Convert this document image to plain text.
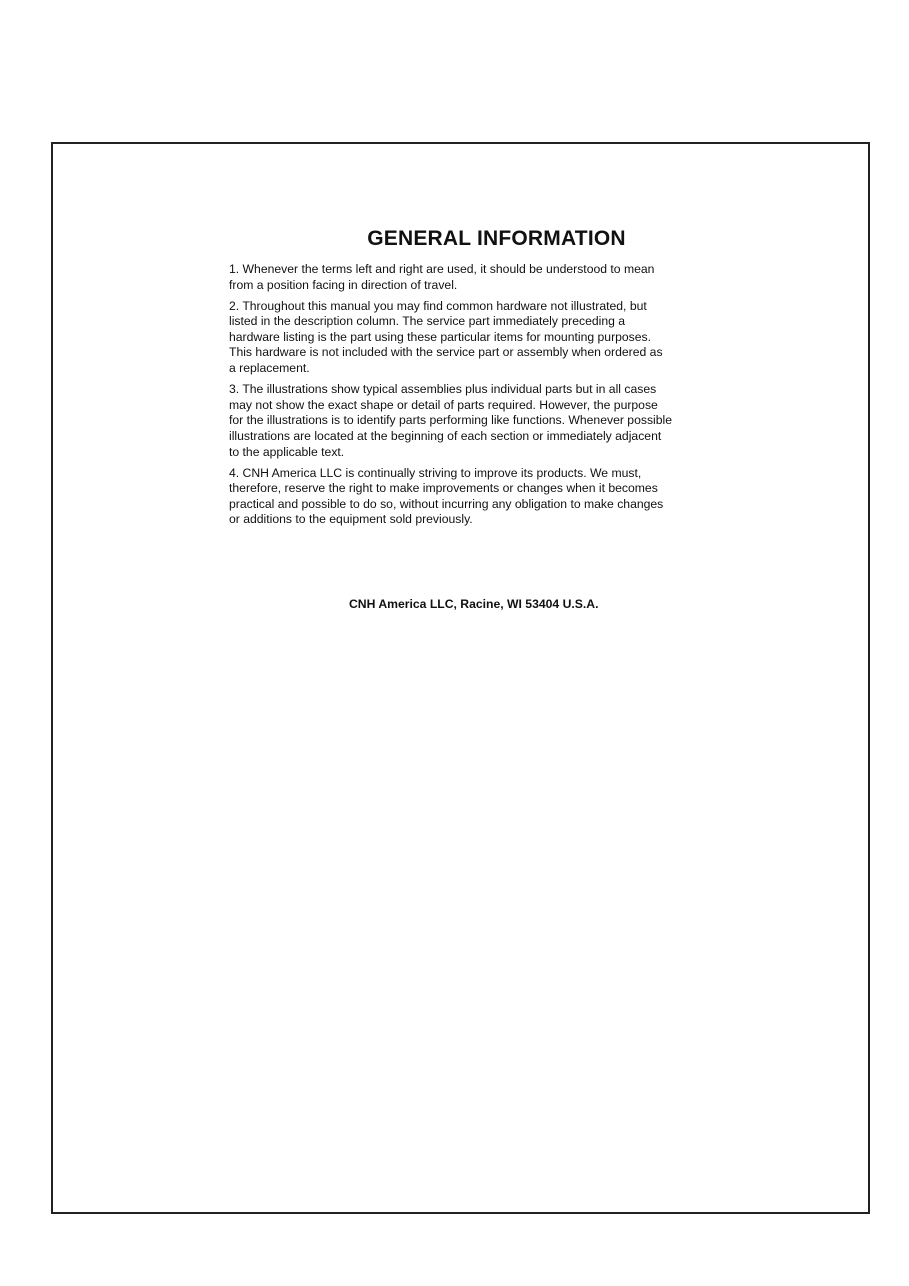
GENERAL INFORMATION
1. Whenever the terms left and right are used, it should be understood to mean
from a position facing in direction of travel.
2. Throughout this manual you may find common hardware not illustrated, but
listed in the description column. The service part immediately preceding a
hardware listing is the part using these particular items for mounting purposes.
This hardware is not included with the service part or assembly when ordered as
a replacement.
3. The illustrations show typical assemblies plus individual parts but in all cases
may not show the exact shape or detail of parts required. However, the purpose
for the illustrations is to identify parts performing like functions. Whenever possible
illustrations are located at the beginning of each section or immediately adjacent
to the applicable text.
4. CNH America LLC is continually striving to improve its products. We must,
therefore, reserve the right to make improvements or changes when it becomes
practical and possible to do so, without incurring any obligation to make changes
or additions to the equipment sold previously.
CNH America LLC, Racine, WI 53404 U.S.A.
